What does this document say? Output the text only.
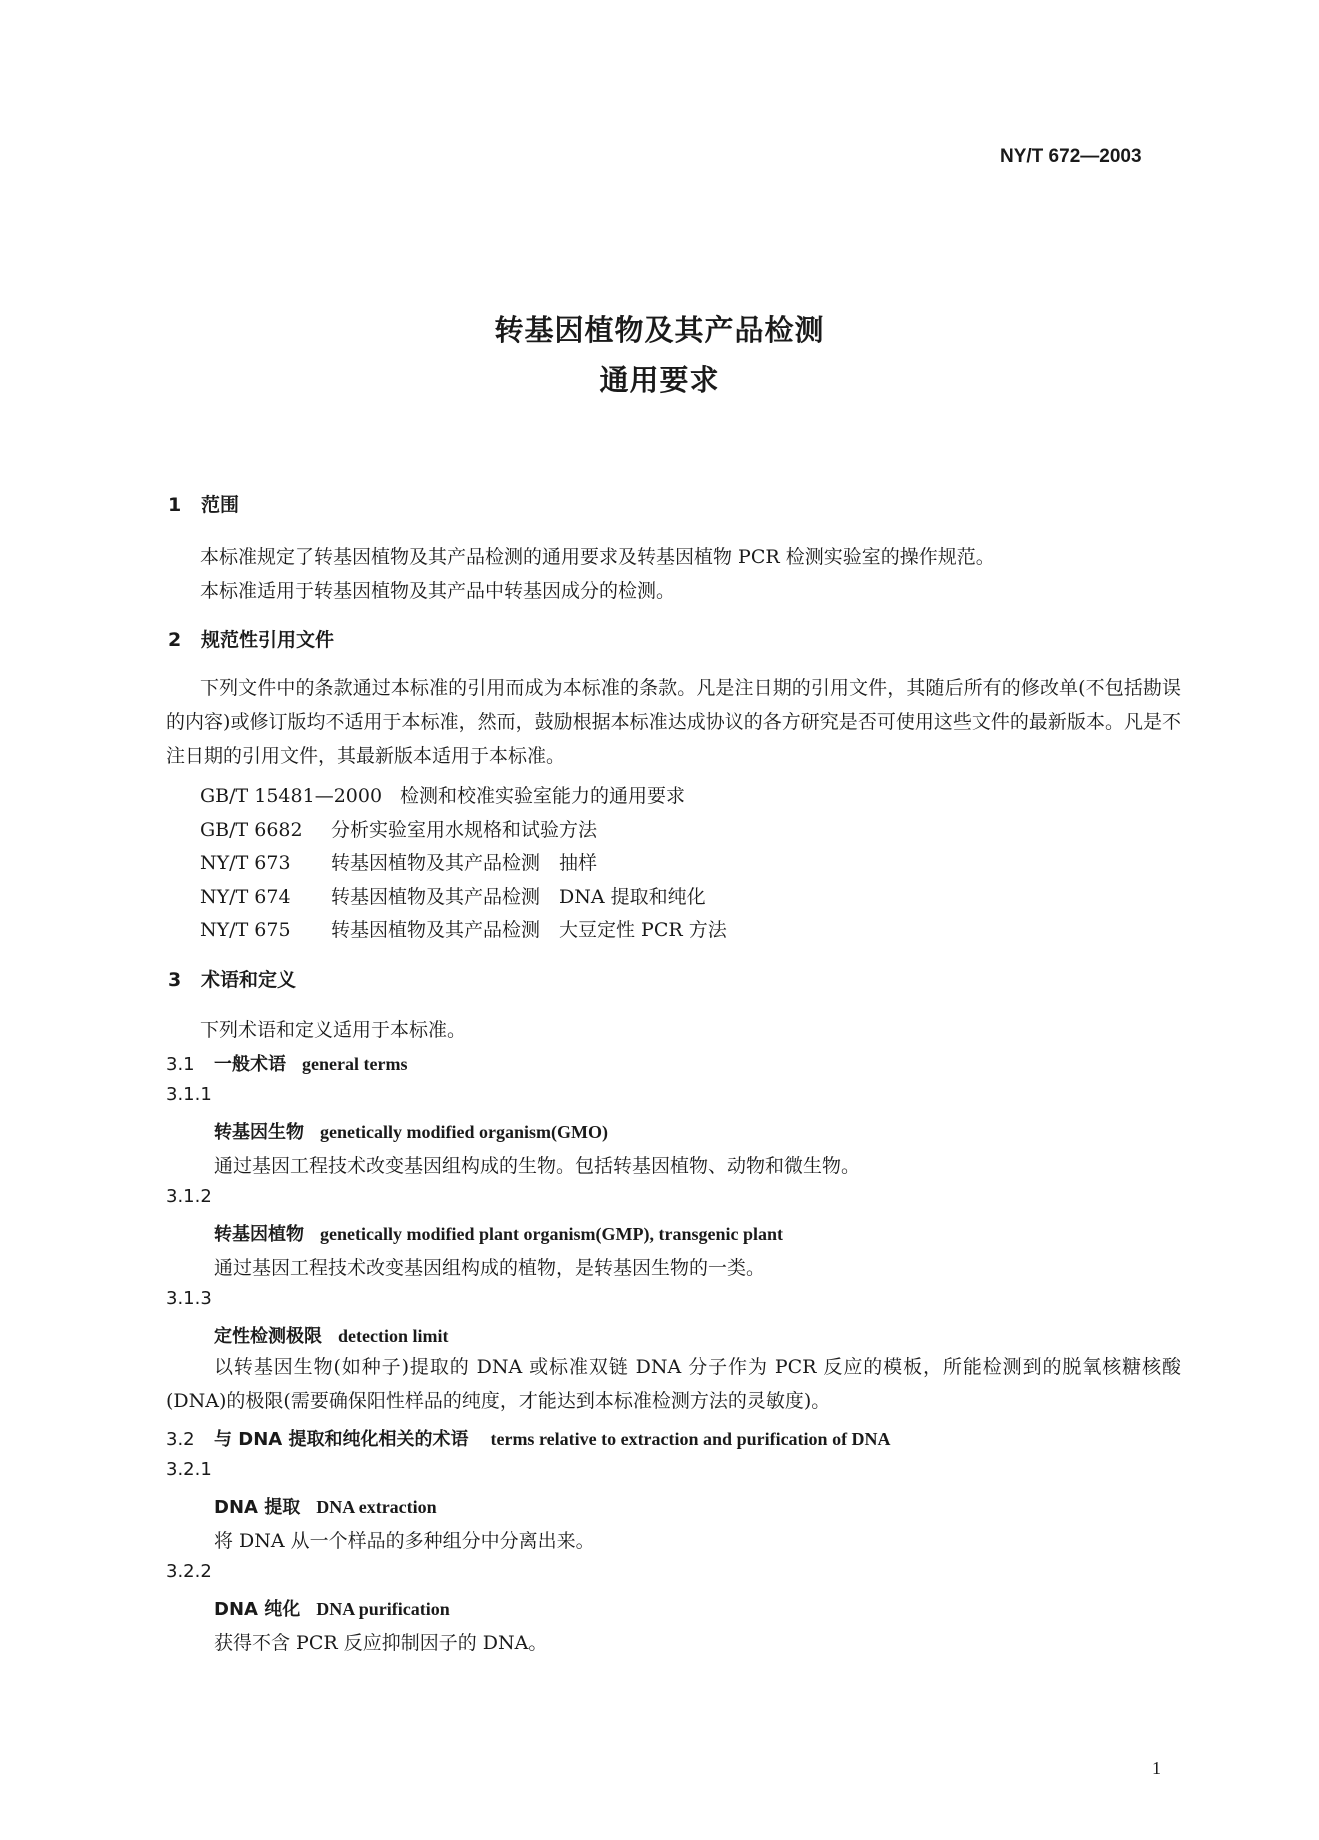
NY/T 672—2003
转基因植物及其产品检测
通用要求
1 范围
本标准规定了转基因植物及其产品检测的通用要求及转基因植物 PCR 检测实验室的操作规范。
本标准适用于转基因植物及其产品中转基因成分的检测。
2 规范性引用文件
下列文件中的条款通过本标准的引用而成为本标准的条款。凡是注日期的引用文件，其随后所有的修改单(不包括勘误的内容)或修订版均不适用于本标准，然而，鼓励根据本标准达成协议的各方研究是否可使用这些文件的最新版本。凡是不注日期的引用文件，其最新版本适用于本标准。
GB/T 15481—2000 检测和校准实验室能力的通用要求
GB/T 6682 分析实验室用水规格和试验方法
NY/T 673 转基因植物及其产品检测　抽样
NY/T 674 转基因植物及其产品检测　DNA 提取和纯化
NY/T 675 转基因植物及其产品检测　大豆定性 PCR 方法
3 术语和定义
下列术语和定义适用于本标准。
3.1 一般术语 general terms
3.1.1
转基因生物 genetically modified organism(GMO)
通过基因工程技术改变基因组构成的生物。包括转基因植物、动物和微生物。
3.1.2
转基因植物 genetically modified plant organism(GMP), transgenic plant
通过基因工程技术改变基因组构成的植物，是转基因生物的一类。
3.1.3
定性检测极限 detection limit
以转基因生物(如种子)提取的 DNA 或标准双链 DNA 分子作为 PCR 反应的模板，所能检测到的脱氧核糖核酸(DNA)的极限(需要确保阳性样品的纯度，才能达到本标准检测方法的灵敏度)。
3.2 与 DNA 提取和纯化相关的术语 terms relative to extraction and purification of DNA
3.2.1
DNA 提取 DNA extraction
将 DNA 从一个样品的多种组分中分离出来。
3.2.2
DNA 纯化 DNA purification
获得不含 PCR 反应抑制因子的 DNA。
1
